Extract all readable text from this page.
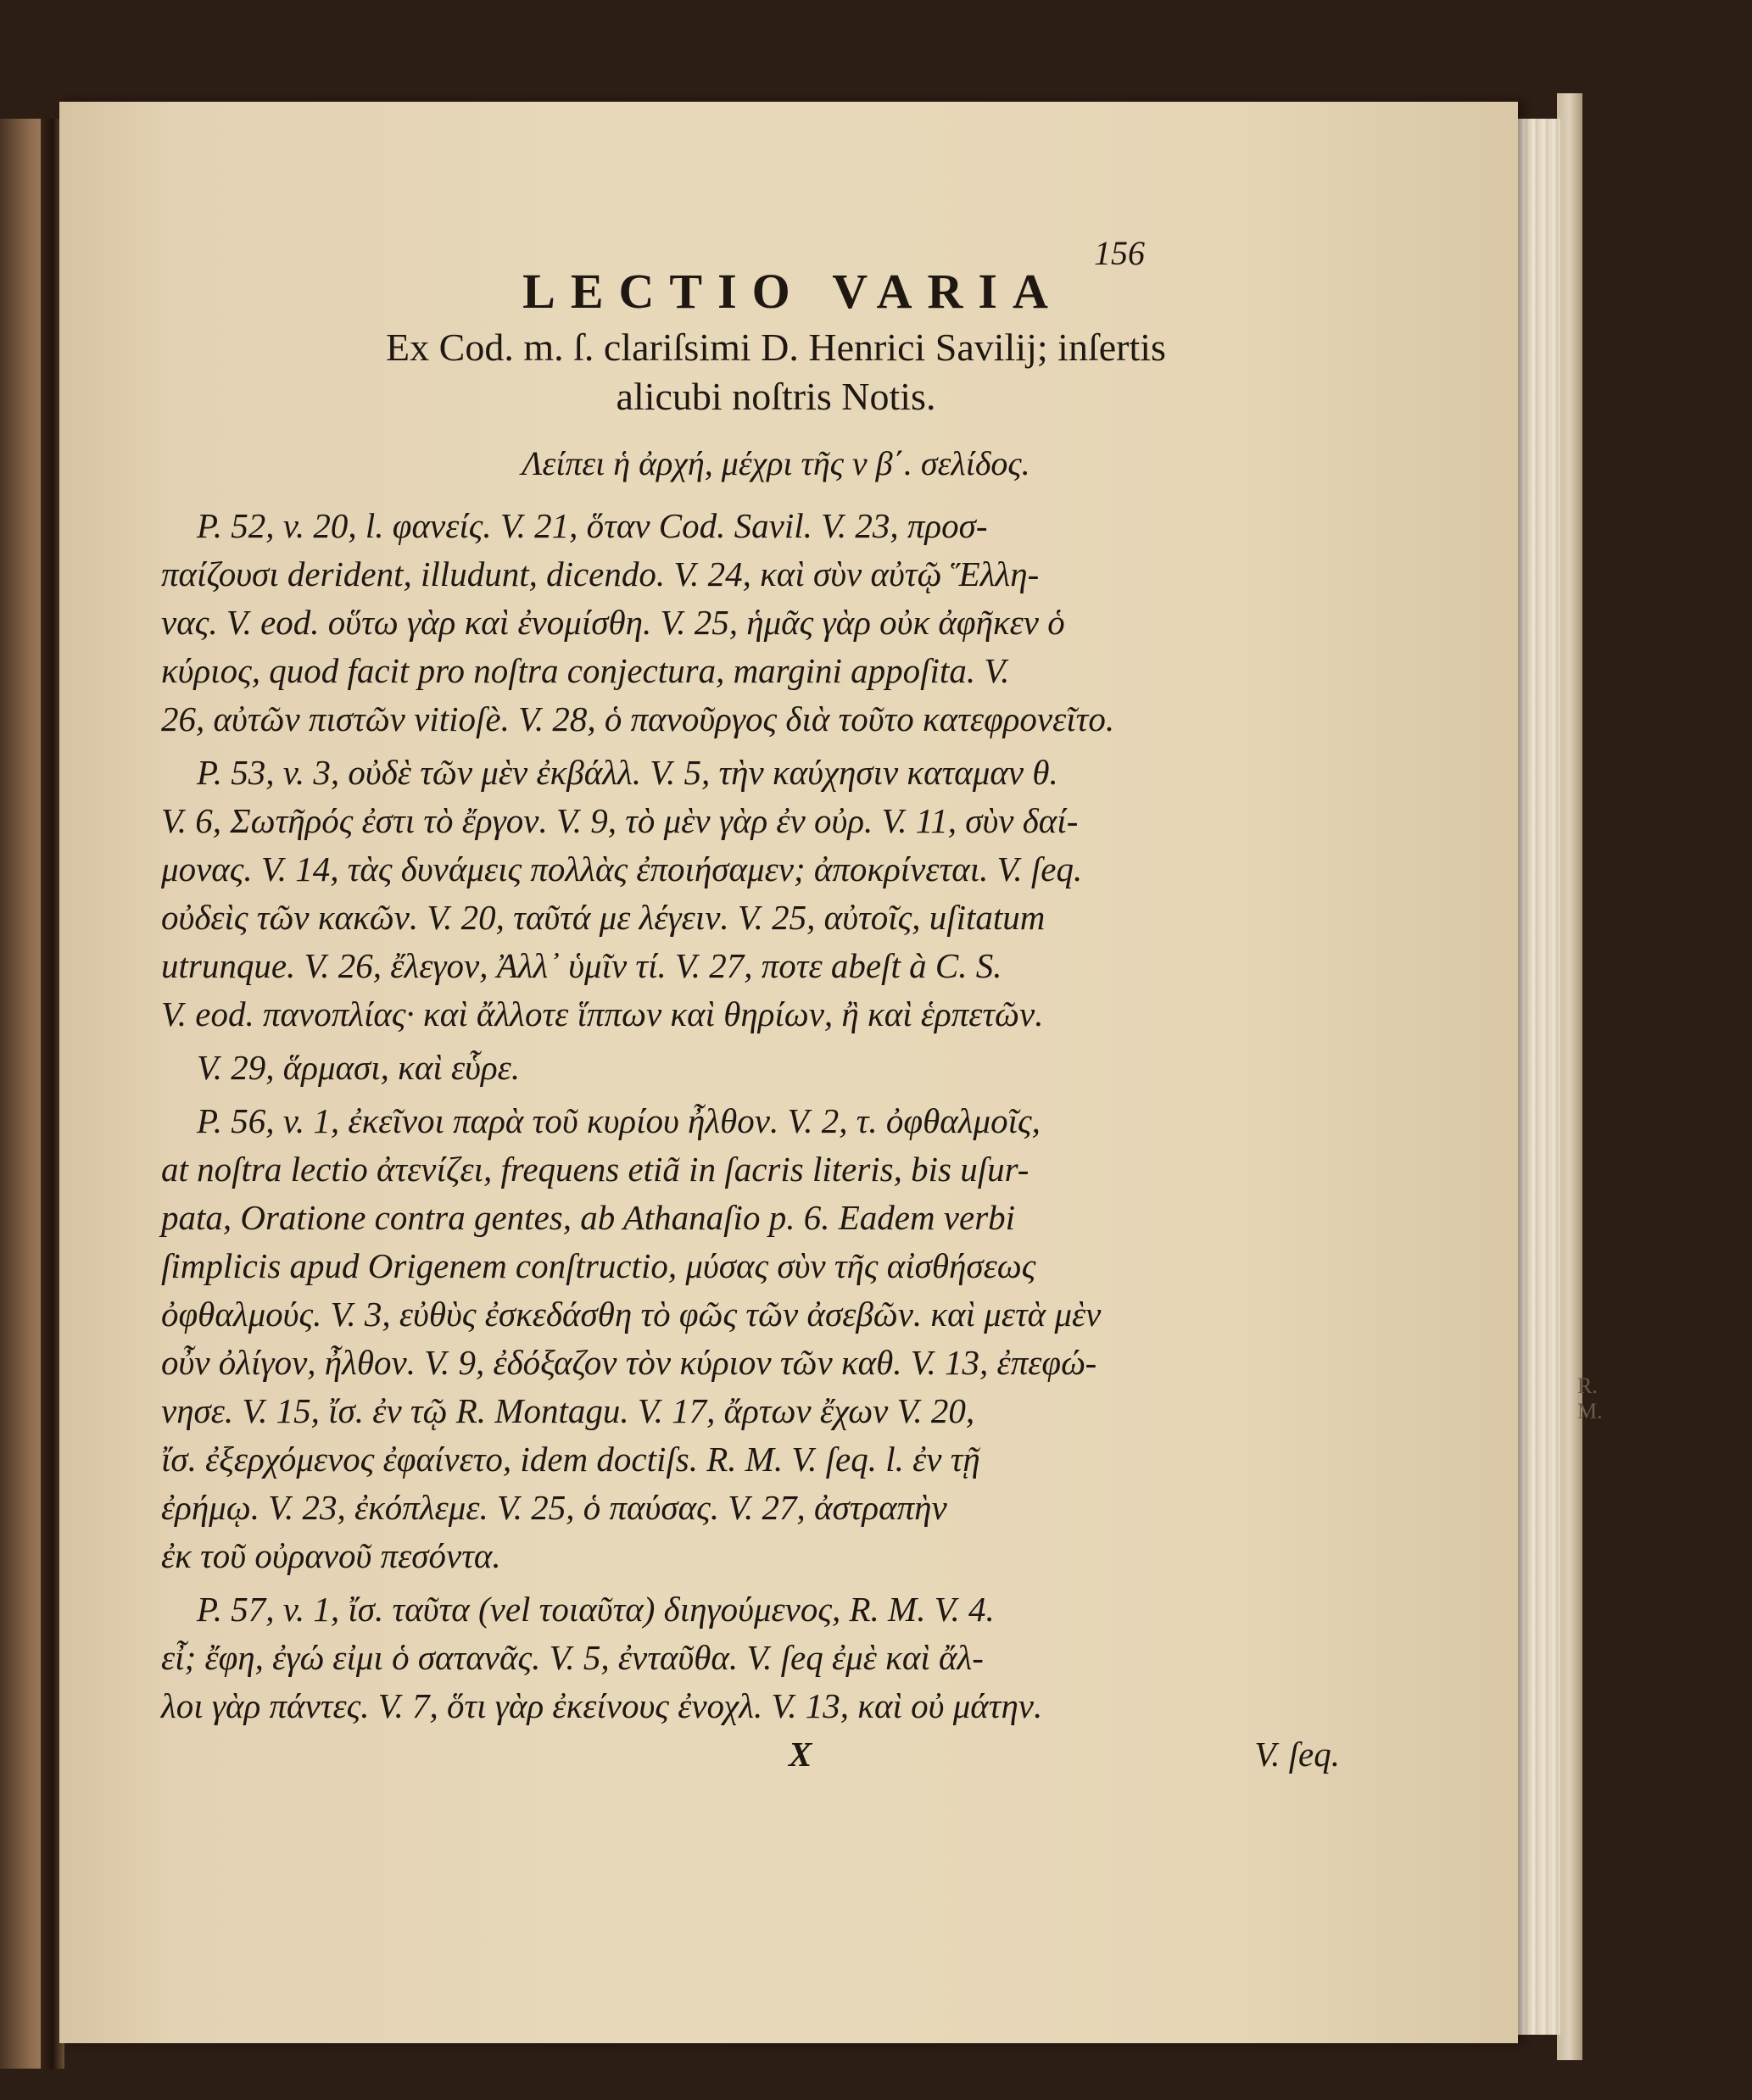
R. M.
156
LECTIO VARIA
Ex Cod. m. ſ. clariſsimi D. Henrici Savilij; inſertis
alicubi noſtris Notis.
Λείπει ἡ ἀρχή, μέχρι τῆς ν β΄. σελίδος.
P. 52, v. 20, l. φανείς. V. 21, ὅταν Cod. Savil. V. 23, προσ-
παίζουσι derident, illudunt, dicendo. V. 24, καὶ σὺν αὐτῷ Ἕλλη-
νας. V. eod. οὕτω γὰρ καὶ ἐνομίσθη. V. 25, ἡμᾶς γὰρ οὐκ ἀφῆκεν ὁ
κύριος, quod facit pro noſtra conjectura, margini appoſita. V.
26, αὐτῶν πιστῶν vitioſè. V. 28, ὁ πανοῦργος διὰ τοῦτο κατεφρονεῖτο.
P. 53, v. 3, οὐδὲ τῶν μὲν ἐκβάλλ. V. 5, τὴν καύχησιν καταμαν θ.
V. 6, Σωτῆρός ἐστι τὸ ἔργον. V. 9, τὸ μὲν γὰρ ἐν οὐρ. V. 11, σὺν δαί-
μονας. V. 14, τὰς δυνάμεις πολλὰς ἐποιήσαμεν; ἀποκρίνεται. V. ſeq.
οὐδεὶς τῶν κακῶν. V. 20, ταῦτά με λέγειν. V. 25, αὐτοῖς, uſitatum
utrunque. V. 26, ἔλεγον, Ἀλλ᾽ ὑμῖν τί. V. 27, ποτε abeſt à C. S.
V. eod. πανοπλίας· καὶ ἄλλοτε ἵππων καὶ θηρίων, ἢ καὶ ἑρπετῶν.
V. 29, ἅρμασι, καὶ εὗρε.
P. 56, v. 1, ἐκεῖνοι παρὰ τοῦ κυρίου ἦλθον. V. 2, τ. ὀφθαλμοῖς,
at noſtra lectio ἀτενίζει, frequens etiã in ſacris literis, bis uſur-
pata, Oratione contra gentes, ab Athanaſio p. 6. Eadem verbi
ſimplicis apud Origenem conſtructio, μύσας σὺν τῆς αἰσθήσεως
ὀφθαλμούς. V. 3, εὐθὺς ἐσκεδάσθη τὸ φῶς τῶν ἀσεβῶν. καὶ μετὰ μὲν
οὖν ὀλίγον, ἦλθον. V. 9, ἐδόξαζον τὸν κύριον τῶν καθ. V. 13, ἐπεφώ-
νησε. V. 15, ἴσ. ἐν τῷ R. Montagu. V. 17, ἄρτων ἔχων V. 20,
ἴσ. ἐξερχόμενος ἐφαίνετο, idem doctiſs. R. M. V. ſeq. l. ἐν τῇ
ἐρήμῳ. V. 23, ἐκόπλεμε. V. 25, ὁ παύσας. V. 27, ἀστραπὴν
ἐκ τοῦ οὐρανοῦ πεσόντα.
P. 57, v. 1, ἴσ. ταῦτα (vel τοιαῦτα) διηγούμενος, R. M. V. 4.
εἶ; ἔφη, ἐγώ εἰμι ὁ σατανᾶς. V. 5, ἐνταῦθα. V. ſeq ἐμὲ καὶ ἄλ-
λοι γὰρ πάντες. V. 7, ὅτι γὰρ ἐκείνους ἐνοχλ. V. 13, καὶ οὐ μάτην.
X	V. ſeq.
